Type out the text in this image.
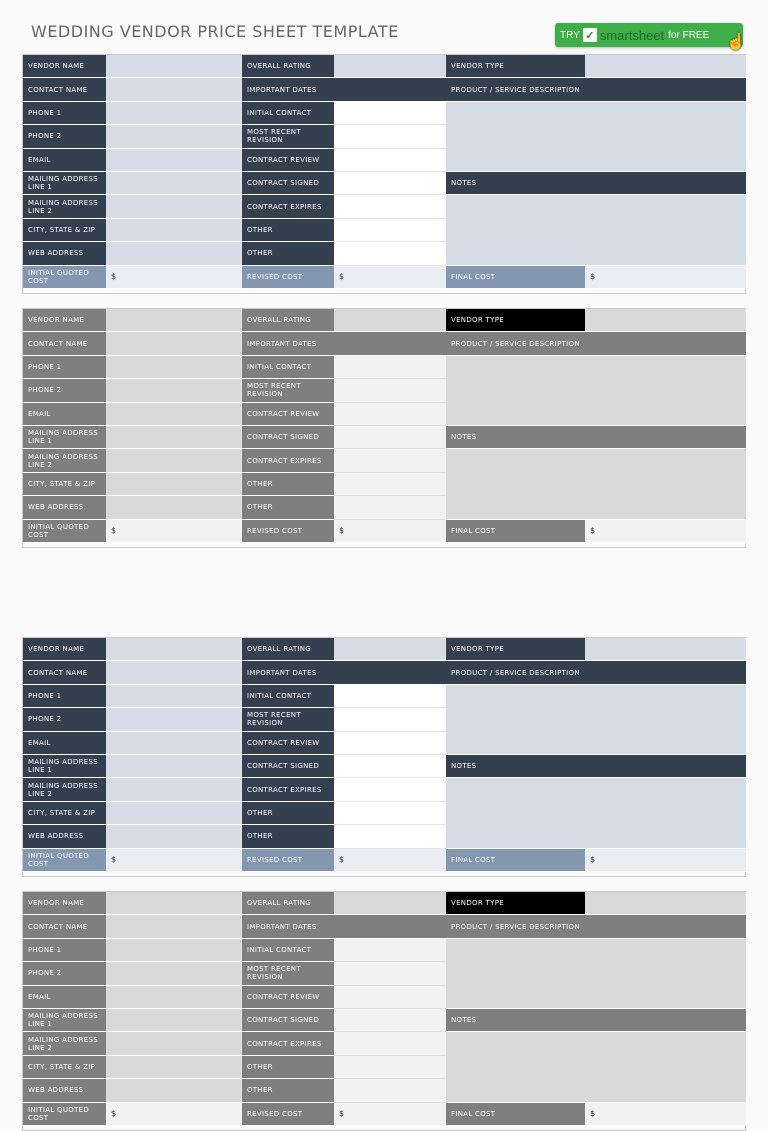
WEDDING VENDOR PRICE SHEET TEMPLATE	TRY ✓ smartsheet for FREE ☝
VENDOR NAME	OVERALL RATING	VENDOR TYPE
CONTACT NAME	IMPORTANT DATES	PRODUCT / SERVICE DESCRIPTION
PHONE 1	INITIAL CONTACT
PHONE 2	MOST RECENT REVISION
EMAIL	CONTRACT REVIEW
MAILING ADDRESS LINE 1	CONTRACT SIGNED	NOTES
MAILING ADDRESS LINE 2	CONTRACT EXPIRES
CITY, STATE & ZIP	OTHER
WEB ADDRESS	OTHER
INITIAL QUOTED COST	$	REVISED COST	$	FINAL COST	$
VENDOR NAME	OVERALL RATING	VENDOR TYPE
CONTACT NAME	IMPORTANT DATES	PRODUCT / SERVICE DESCRIPTION
PHONE 1	INITIAL CONTACT
PHONE 2	MOST RECENT REVISION
EMAIL	CONTRACT REVIEW
MAILING ADDRESS LINE 1	CONTRACT SIGNED	NOTES
MAILING ADDRESS LINE 2	CONTRACT EXPIRES
CITY, STATE & ZIP	OTHER
WEB ADDRESS	OTHER
INITIAL QUOTED COST	$	REVISED COST	$	FINAL COST	$
VENDOR NAME	OVERALL RATING	VENDOR TYPE
CONTACT NAME	IMPORTANT DATES	PRODUCT / SERVICE DESCRIPTION
PHONE 1	INITIAL CONTACT
PHONE 2	MOST RECENT REVISION
EMAIL	CONTRACT REVIEW
MAILING ADDRESS LINE 1	CONTRACT SIGNED	NOTES
MAILING ADDRESS LINE 2	CONTRACT EXPIRES
CITY, STATE & ZIP	OTHER
WEB ADDRESS	OTHER
INITIAL QUOTED COST	$	REVISED COST	$	FINAL COST	$
VENDOR NAME	OVERALL RATING	VENDOR TYPE
CONTACT NAME	IMPORTANT DATES	PRODUCT / SERVICE DESCRIPTION
PHONE 1	INITIAL CONTACT
PHONE 2	MOST RECENT REVISION
EMAIL	CONTRACT REVIEW
MAILING ADDRESS LINE 1	CONTRACT SIGNED	NOTES
MAILING ADDRESS LINE 2	CONTRACT EXPIRES
CITY, STATE & ZIP	OTHER
WEB ADDRESS	OTHER
INITIAL QUOTED COST	$	REVISED COST	$	FINAL COST	$
